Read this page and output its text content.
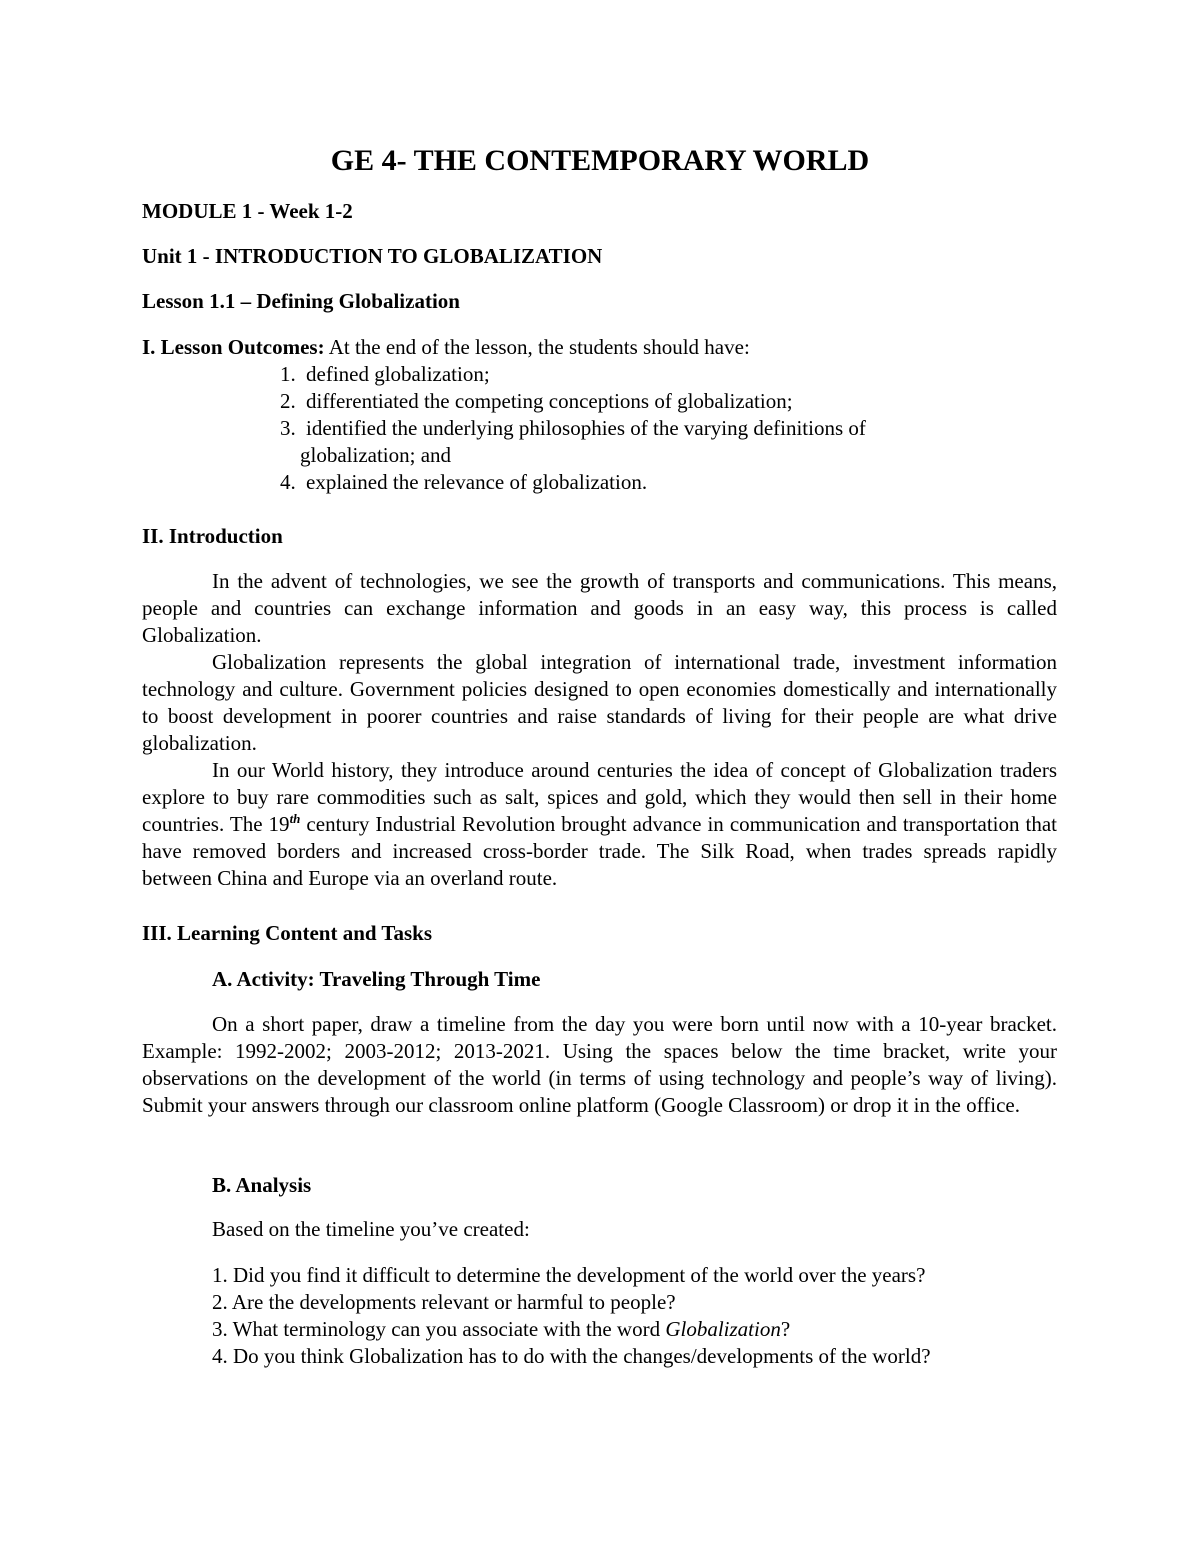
GE 4- THE CONTEMPORARY WORLD
MODULE 1 - Week 1-2
Unit 1 - INTRODUCTION TO GLOBALIZATION
Lesson 1.1 – Defining Globalization
I. Lesson Outcomes: At the end of the lesson, the students should have:
1. defined globalization;
2. differentiated the competing conceptions of globalization;
3. identified the underlying philosophies of the varying definitions of
globalization; and
4. explained the relevance of globalization.
II. Introduction

In the advent of technologies, we see the growth of transports and communications. This means, people and countries can exchange information and goods in an easy way, this process is called Globalization.

Globalization represents the global integration of international trade, investment information technology and culture. Government policies designed to open economies domestically and internationally to boost development in poorer countries and raise standards of living for their people are what drive globalization.

In our World history, they introduce around centuries the idea of concept of Globalization traders explore to buy rare commodities such as salt, spices and gold, which they would then sell in their home countries. The 19th century Industrial Revolution brought advance in communication and transportation that have removed borders and increased cross-border trade. The Silk Road, when trades spreads rapidly between China and Europe via an overland route.

III. Learning Content and Tasks
A. Activity: Traveling Through Time

On a short paper, draw a timeline from the day you were born until now with a 10-year bracket. Example: 1992-2002; 2003-2012; 2013-2021. Using the spaces below the time bracket, write your observations on the development of the world (in terms of using technology and people’s way of living). Submit your answers through our classroom online platform (Google Classroom) or drop it in the office.

B. Analysis
Based on the timeline you’ve created:
1. Did you find it difficult to determine the development of the world over the years?
2. Are the developments relevant or harmful to people?
3. What terminology can you associate with the word Globalization?
4. Do you think Globalization has to do with the changes/developments of the world?
